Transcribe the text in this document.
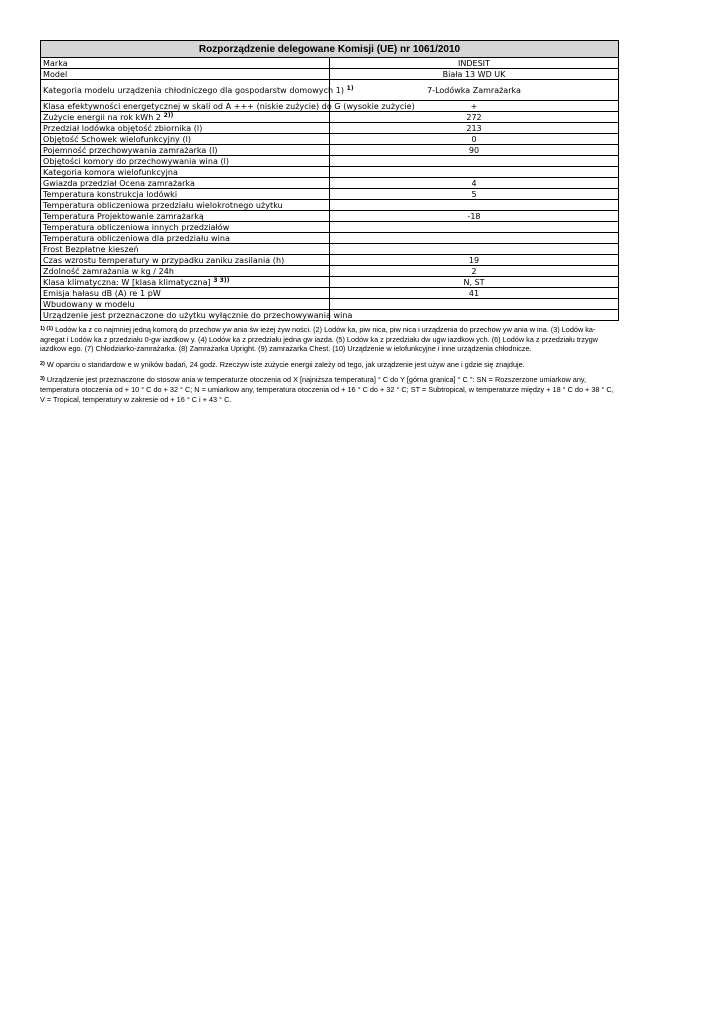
Rozporządzenie delegowane Komisji (UE) nr 1061/2010	
Marka	INDESIT
Model	Biała 13 WD UK
Kategoria modelu urządzenia chłodniczego dla gospodarstw domowych 1) $^{1)}$	7-Lodówka Zamrażarka
Klasa efektywności energetycznej w skali od A +++ (niskie zużycie) do G (wysokie zużycie)	+
Zużycie energii na rok kWh 2 $^{2))}$	272
Przedział lodówka objętość zbiornika (l)	213
Objętość Schowek wielofunkcyjny (l)	0
Pojemność przechowywania zamrażarka (l)	90
Objętości komory do przechowywania wina (l)	
Kategoria komora wielofunkcyjna	
Gwiazda przedział Ocena zamrażarka	4
Temperatura konstrukcja lodówki	5
Temperatura obliczeniowa przedziału wielokrotnego użytku	
Temperatura Projektowanie zamrażarką	-18
Temperatura obliczeniowa innych przedziałów	
Temperatura obliczeniowa dla przedziału wina	
Frost Bezpłatne kieszeń	
Czas wzrostu temperatury w przypadku zaniku zasilania (h)	19
Zdolność zamrażania w kg / 24h	2
Klasa klimatyczna: W [klasa klimatyczna] $^{3 3))}$	N, ST
Emisja hałasu dB (A) re 1 pW	41
Wbudowany w modelu	
Urządzenie jest przeznaczone do użytku wyłącznie do przechowywania wina	

$^{1) (1)}$ Lodów ka z co najmniej jedną komorą do przechow yw ania św ieżej żyw ności. (2) Lodów ka, piw nica, piw nica i urządzenia do przechow yw ania w ina. (3) Lodów ka-agregat i Lodów ka z przedziału 0-gw iazdkow y. (4) Lodów ka z przedziału jedna gw iazda. (5) Lodów ka z przedziału dw ugw iazdkow ych. (6) Lodów ka z przedziału trzygw iazdkow ego. (7) Chłodziarko-zamrażarka. (8) Zamrażarka Upright. (9) zamrażarka Chest. (10) Urządzenie w ielofunkcyjne i inne urządzenia chłodnicze.

$^{2)}$ W oparciu o standardow e w yników badań, 24 godz. Rzeczyw iste zużycie energii zależy od tego, jak urządzenie jest używ ane i gdzie się znajduje.

$^{3)}$ Urządzenie jest przeznaczone do stosow ania w temperaturze otoczenia od X [najniższa temperatura] ° C do Y [górna granica] ° C ": SN = Rozszerzone umiarkow any, temperatura otoczenia od + 10 ° C do + 32 ° C; N = umiarkow any, temperatura otoczenia od + 16 ° C do + 32 ° C; ST = Subtropical, w temperaturze między + 18 ° C do + 38 ° C, V = Tropical, temperatury w zakresie od + 16 ° C i + 43 ° C.
